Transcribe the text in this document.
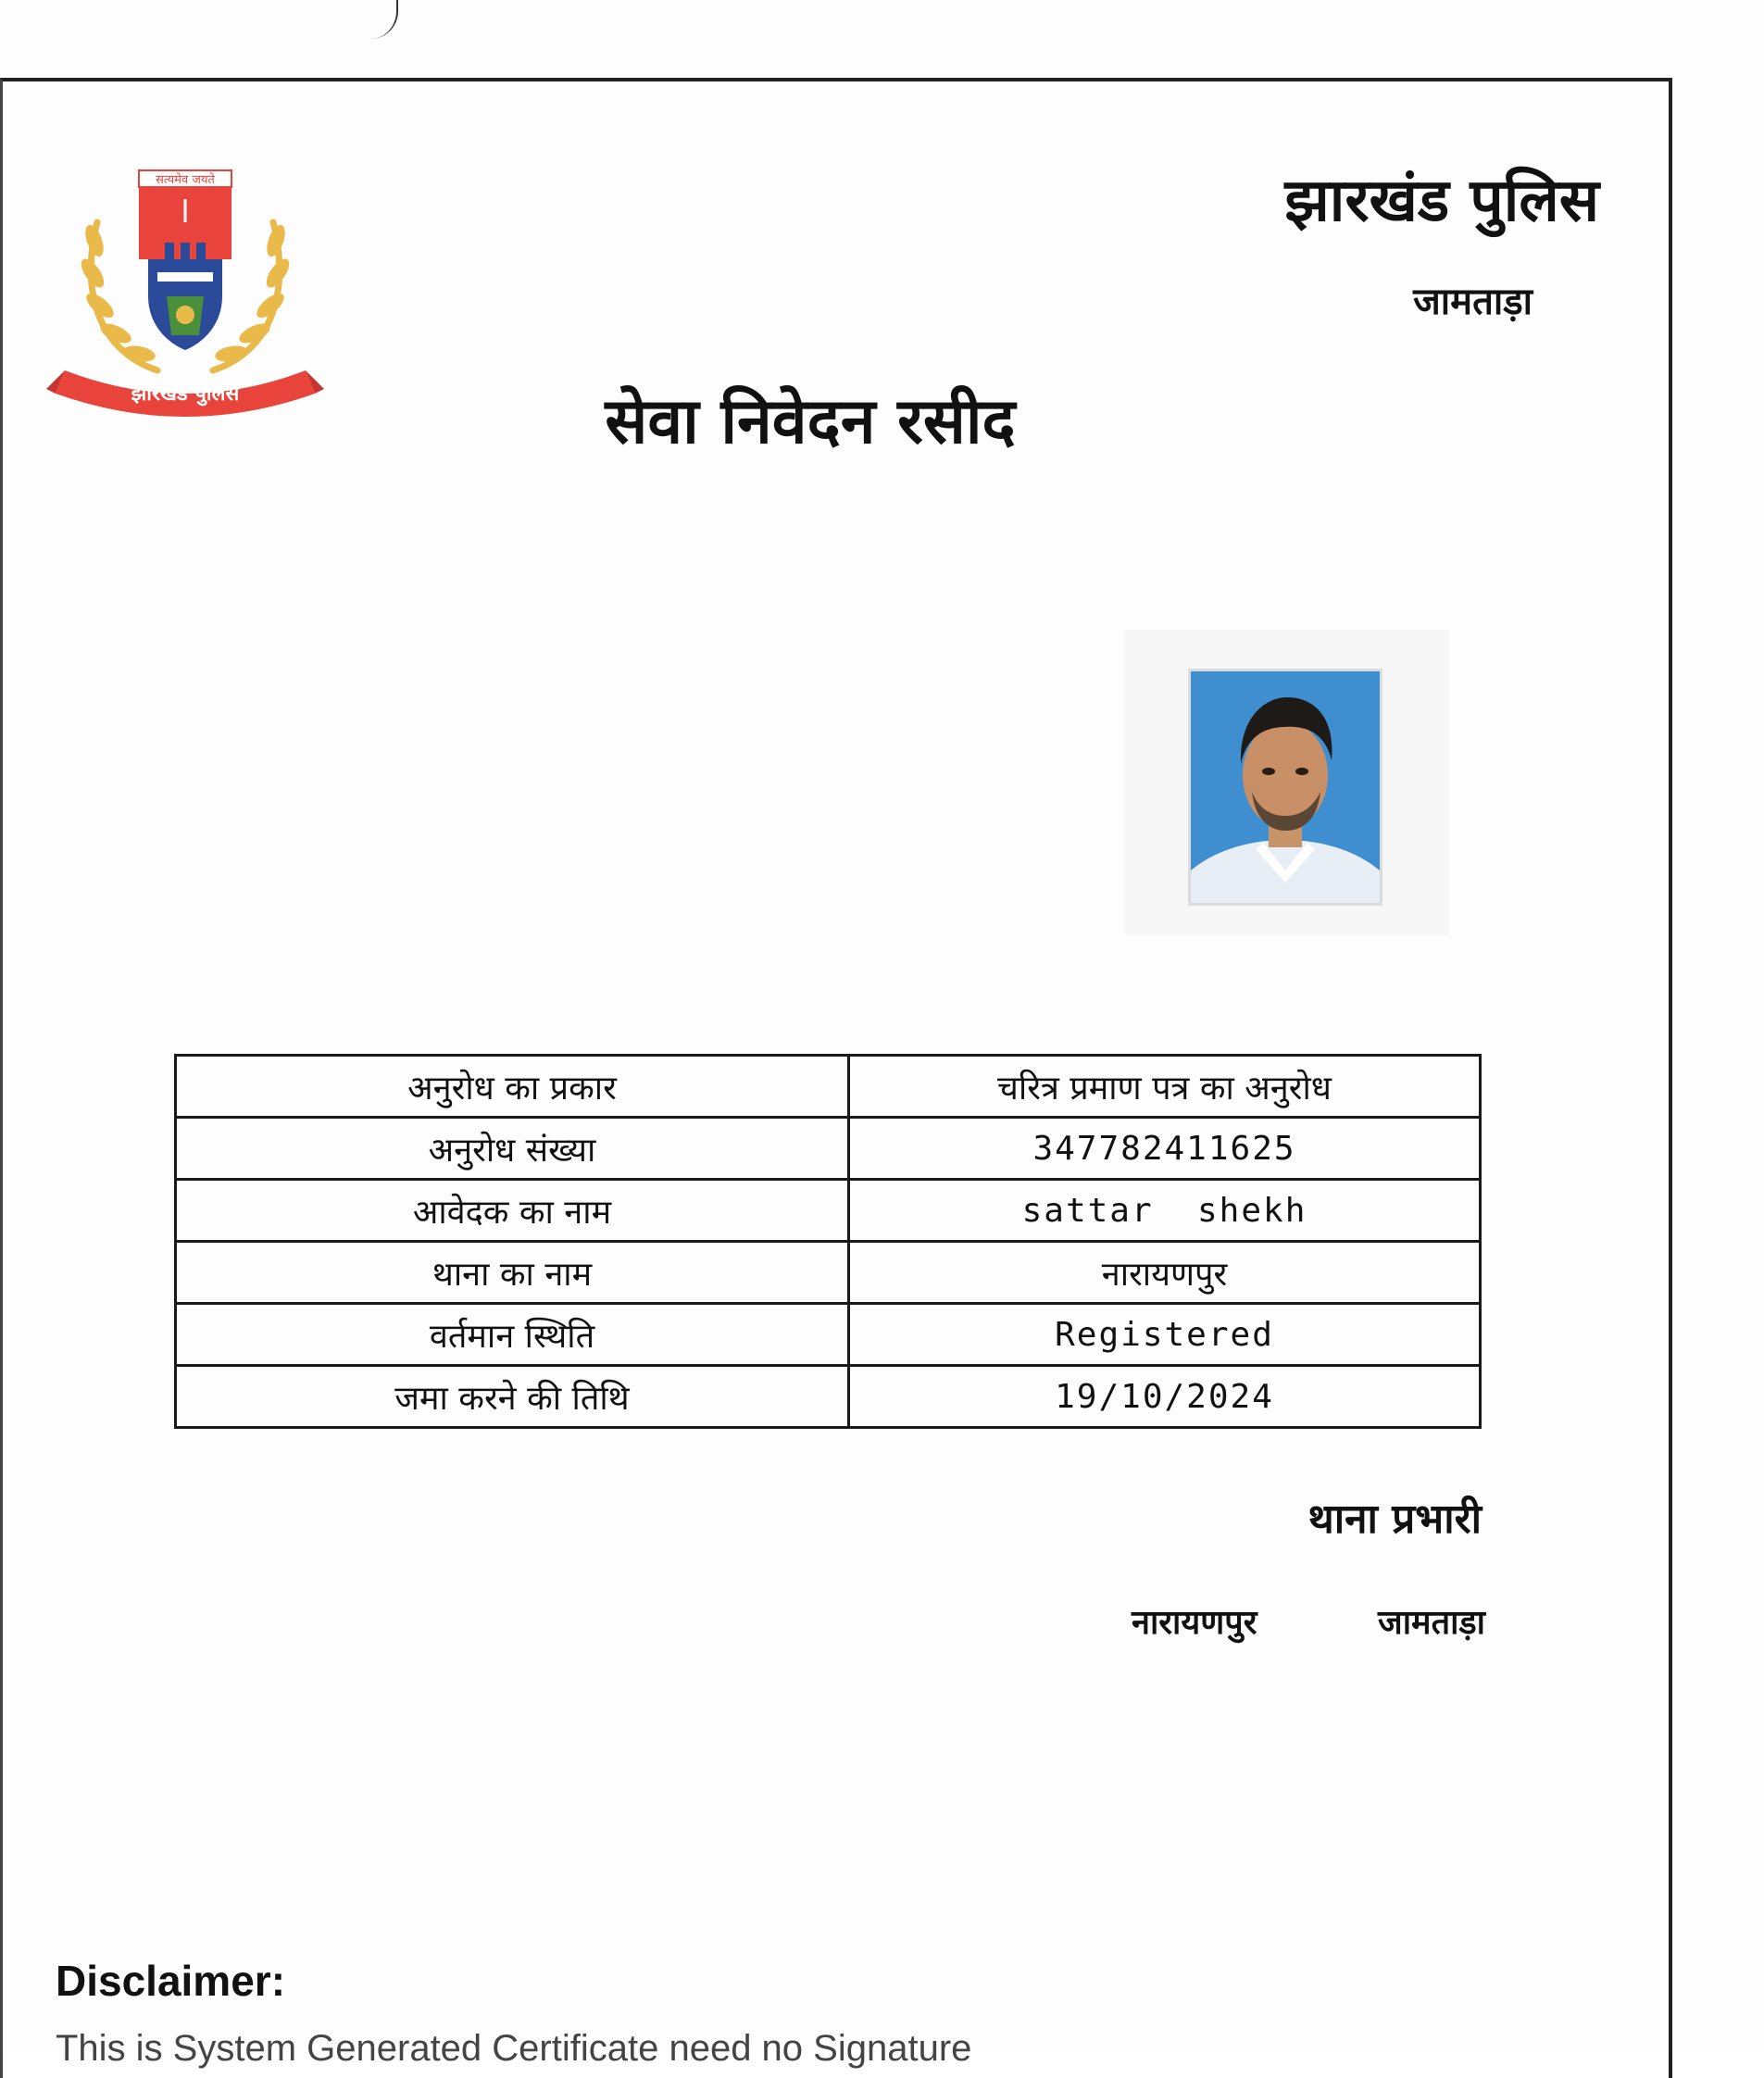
सत्यमेव जयते
झारखंड पुलिस
झारखंड पुलिस
जामताड़ा
सेवा निवेदन रसीद
अनुरोध का प्रकार	चरित्र प्रमाण पत्र का अनुरोध
अनुरोध संख्या	347782411625
आवेदक का नाम	sattar  shekh
थाना का नाम	नारायणपुर
वर्तमान स्थिति	Registered
जमा करने की तिथि	19/10/2024
थाना प्रभारी
नारायणपुर	जामताड़ा
Disclaimer:
This is System Generated Certificate need no Signature
